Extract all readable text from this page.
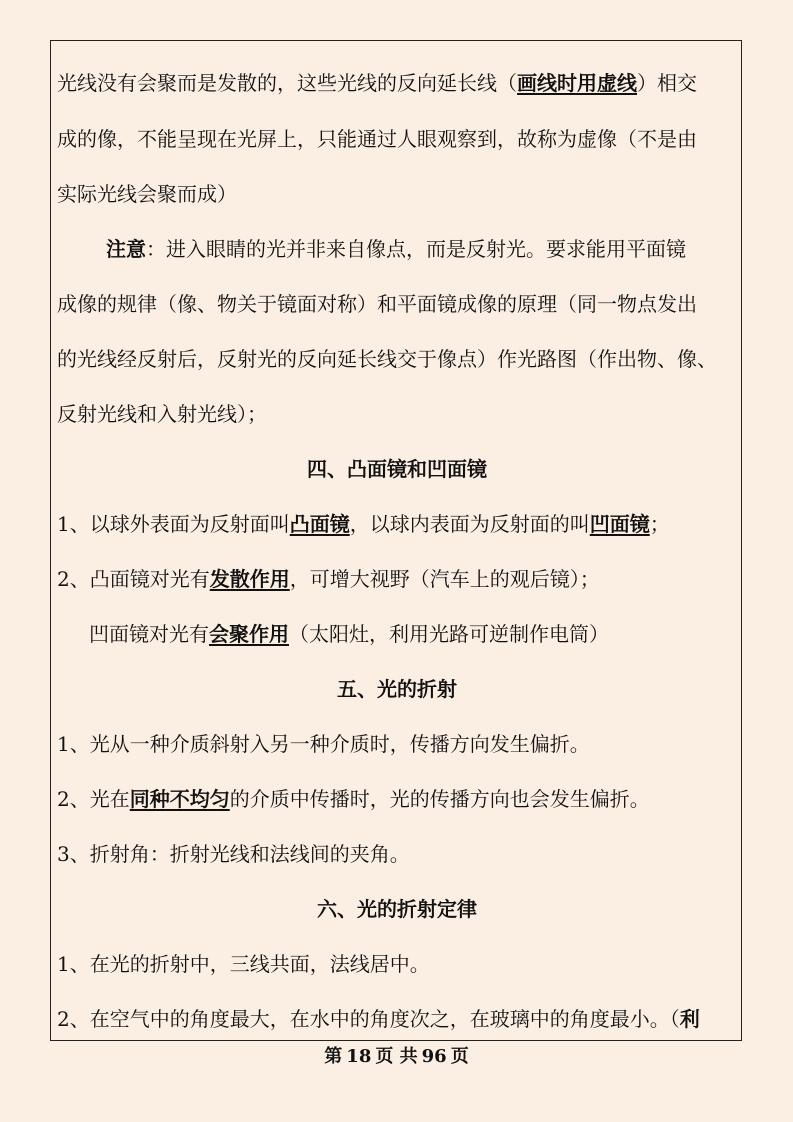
光线没有会聚而是发散的，这些光线的反向延长线（画线时用虚线）相交
成的像，不能呈现在光屏上，只能通过人眼观察到，故称为虚像（不是由
实际光线会聚而成）
注意：进入眼睛的光并非来自像点，而是反射光。要求能用平面镜
成像的规律（像、物关于镜面对称）和平面镜成像的原理（同一物点发出
的光线经反射后，反射光的反向延长线交于像点）作光路图（作出物、像、
反射光线和入射光线）；
四、凸面镜和凹面镜
1、以球外表面为反射面叫凸面镜，以球内表面为反射面的叫凹面镜；
2、凸面镜对光有发散作用，可增大视野（汽车上的观后镜）；
凹面镜对光有会聚作用（太阳灶，利用光路可逆制作电筒）
五、光的折射
1、光从一种介质斜射入另一种介质时，传播方向发生偏折。
2、光在同种不均匀的介质中传播时，光的传播方向也会发生偏折。
3、折射角：折射光线和法线间的夹角。
六、光的折射定律
1、在光的折射中，三线共面，法线居中。
2、在空气中的角度最大，在水中的角度次之，在玻璃中的角度最小。（利
第 18 页 共 96 页
